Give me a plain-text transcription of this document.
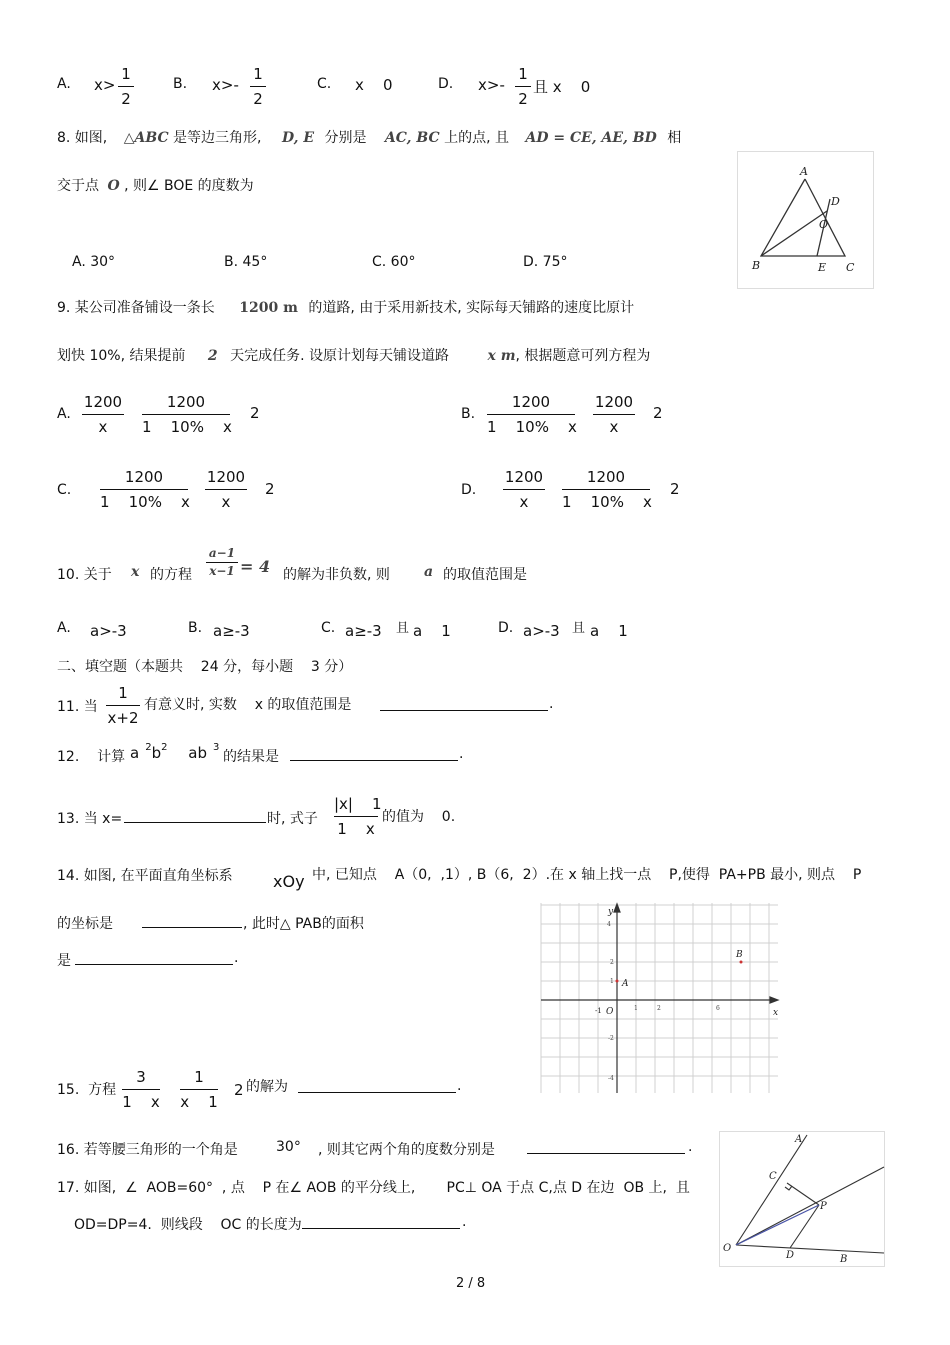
A. x>
1
2
B. x>-
1
2
C. x    0	D. x>-
1
2
且 x    0
8. 如图, △ABC 是等边三角形, D, E 分别是 AC, BC 上的点, 且 AD = CE, AE, BD 相
交于点 O , 则∠ BOE 的度数为
A. 30°	B. 45°	C. 60°	D. 75°
A
D
O
B	E C
9. 某公司准备铺设一条长 1200 m 的道路, 由于采用新技术, 实际每天铺路的速度比原计
划快 10%, 结果提前 2 天完成任务. 设原计划每天铺设道路	x m, 根据题意可列方程为
A.
1200
x
1200
1    10%    x
2	B.
1200
1    10%    x
1200
x
2
C.
1200
1    10%    x
1200
x
2	D.
1200
x
1200
1    10%    x
2
10. 关于 x 的方程
a−1
x−1 = 4 的解为非负数, 则 a 的取值范围是
A. a>-3	B. a≥-3	C. a≥-3 且 a    1	D. a>-3 且 a    1
二、填空题（本题共    24 分，每小题    3 分）
11. 当
1
x+2
有意义时, 实数    x 的取值范围是	.
12.    计算 a $^2b^2$ ab $^3$
的结果是	.
13. 当 x=	时, 式子
|x|    1
1    x
的值为    0.
14. 如图, 在平面直角坐标系	xOy 中, 已知点    A（0,  ,1）, B（6,  2）.在 x 轴上找一点    P,使得  PA+PB 最小, 则点    P
的坐标是	, 此时△ PAB的面积
是	.
4
2
1
-2
-4
1	2	6
y
x
O
-1
A
B
15.  方程
3
1    x
1
x    1
2 的解为	.
16. 若等腰三角形的一个角是	30° , 则其它两个角的度数分别是	.
17. 如图,  ∠  AOB=60°  , 点    P 在∠ AOB 的平分线上,       PC⊥ OA 于点 C,点 D 在边  OB 上,  且
OD=DP=4.  则线段    OC 的长度为	.
A
C
P
O
D	B
2 / 8
